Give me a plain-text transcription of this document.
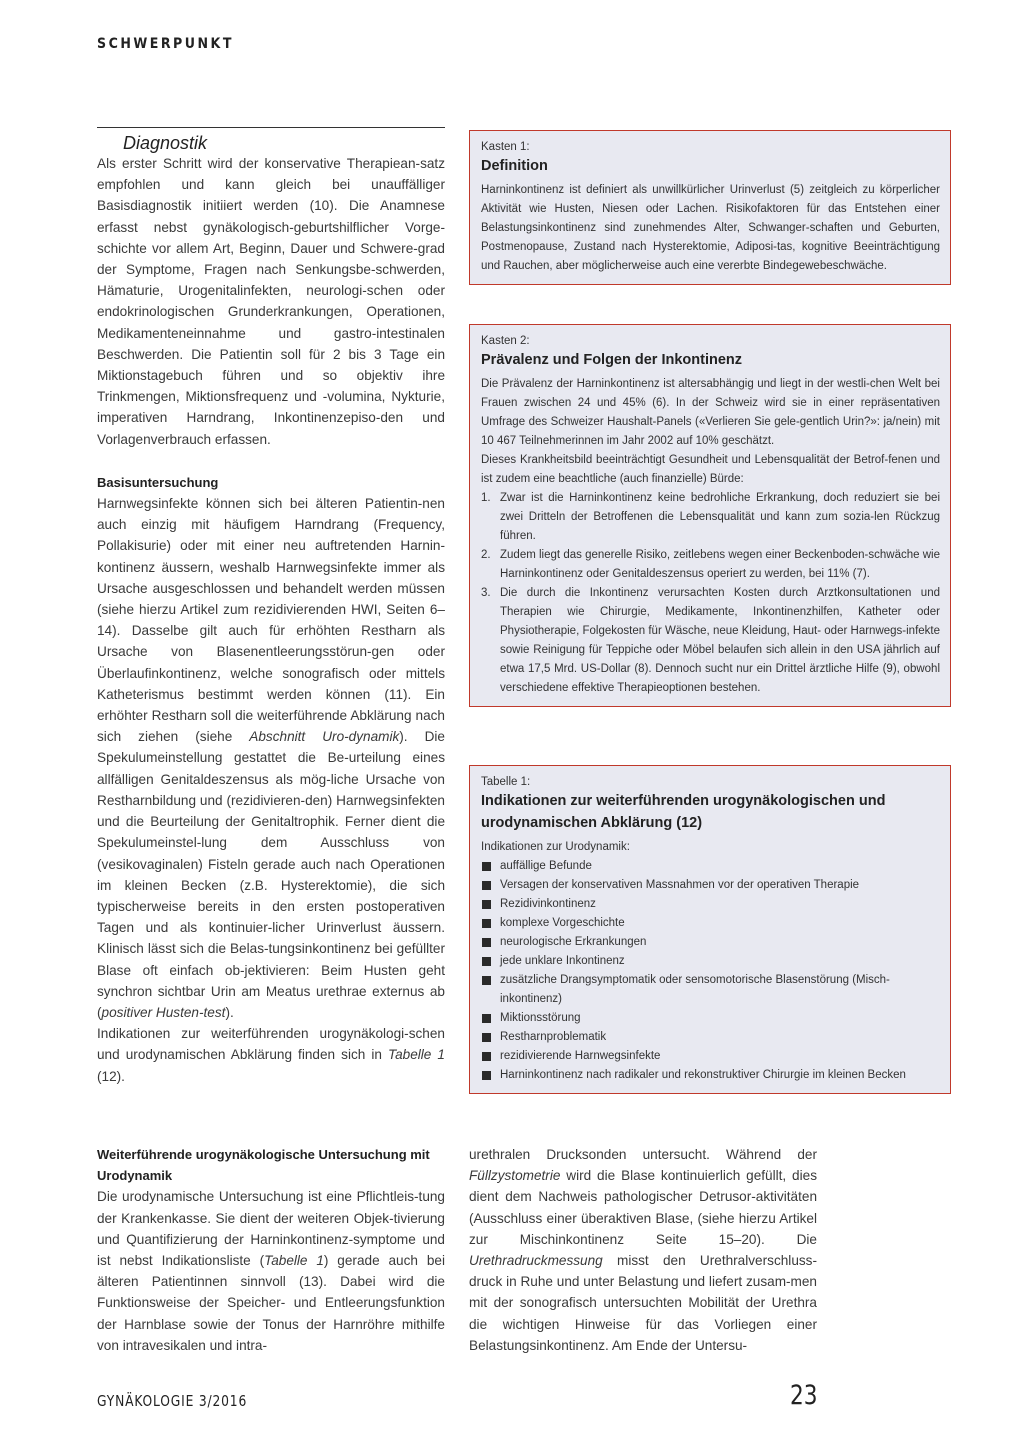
SCHWERPUNKT
Diagnostik

Als erster Schritt wird der konservative Therapiean-satz empfohlen und kann gleich bei unauffälliger Basisdiagnostik initiiert werden (10). Die Anamnese erfasst nebst gynäkologisch-geburtshilflicher Vorge-schichte vor allem Art, Beginn, Dauer und Schwere-grad der Symptome, Fragen nach Senkungsbe-schwerden, Hämaturie, Urogenitalinfekten, neurologi-schen oder endokrinologischen Grunderkrankungen, Operationen, Medikamenteneinnahme und gastro-intestinalen Beschwerden. Die Patientin soll für 2 bis 3 Tage ein Miktionstagebuch führen und so objektiv ihre Trinkmengen, Miktionsfrequenz und -volumina, Nykturie, imperativen Harndrang, Inkontinenzepiso-den und Vorlagenverbrauch erfassen.

Basisuntersuchung

Harnwegsinfekte können sich bei älteren Patientin-nen auch einzig mit häufigem Harndrang (Frequency, Pollakisurie) oder mit einer neu auftretenden Harnin-kontinenz äussern, weshalb Harnwegsinfekte immer als Ursache ausgeschlossen und behandelt werden müssen (siehe hierzu Artikel zum rezidivierenden HWI, Seiten 6–14). Dasselbe gilt auch für erhöhten Restharn als Ursache von Blasenentleerungsstörun-gen oder Überlaufinkontinenz, welche sonografisch oder mittels Katheterismus bestimmt werden können (11). Ein erhöhter Restharn soll die weiterführende Abklärung nach sich ziehen (siehe Abschnitt Uro-dynamik). Die Spekulumeinstellung gestattet die Be-urteilung eines allfälligen Genitaldeszensus als mög-liche Ursache von Restharnbildung und (rezidivieren-den) Harnwegsinfekten und die Beurteilung der Genitaltrophik. Ferner dient die Spekulumeinstel-lung dem Ausschluss von (vesikovaginalen) Fisteln gerade auch nach Operationen im kleinen Becken (z.B. Hysterektomie), die sich typischerweise bereits in den ersten postoperativen Tagen und als kontinuier-licher Urinverlust äussern. Klinisch lässt sich die Belas-tungsinkontinenz bei gefüllter Blase oft einfach ob-jektivieren: Beim Husten geht synchron sichtbar Urin am Meatus urethrae externus ab (positiver Husten-test).

Indikationen zur weiterführenden urogynäkologi-schen und urodynamischen Abklärung finden sich in Tabelle 1 (12).

Kasten 1:
Definition

Harninkontinenz ist definiert als unwillkürlicher Urinverlust (5) zeitgleich zu körperlicher Aktivität wie Husten, Niesen oder Lachen. Risikofaktoren für das Entstehen einer Belastungsinkontinenz sind zunehmendes Alter, Schwanger-schaften und Geburten, Postmenopause, Zustand nach Hysterektomie, Adiposi-tas, kognitive Beeinträchtigung und Rauchen, aber möglicherweise auch eine vererbte Bindegewebeschwäche.

Kasten 2:
Prävalenz und Folgen der Inkontinenz

Die Prävalenz der Harninkontinenz ist altersabhängig und liegt in der westli-chen Welt bei Frauen zwischen 24 und 45% (6). In der Schweiz wird sie in einer repräsentativen Umfrage des Schweizer Haushalt-Panels («Verlieren Sie gele-gentlich Urin?»: ja/nein) mit 10 467 Teilnehmerinnen im Jahr 2002 auf 10% geschätzt.

Dieses Krankheitsbild beeinträchtigt Gesundheit und Lebensqualität der Betrof-fenen und ist zudem eine beachtliche (auch finanzielle) Bürde:

1. Zwar ist die Harninkontinenz keine bedrohliche Erkrankung, doch reduziert sie bei zwei Dritteln der Betroffenen die Lebensqualität und kann zum sozia-len Rückzug führen.
2. Zudem liegt das generelle Risiko, zeitlebens wegen einer Beckenboden-schwäche wie Harninkontinenz oder Genitaldeszensus operiert zu werden, bei 11% (7).
3. Die durch die Inkontinenz verursachten Kosten durch Arztkonsultationen und Therapien wie Chirurgie, Medikamente, Inkontinenzhilfen, Katheter oder Physiotherapie, Folgekosten für Wäsche, neue Kleidung, Haut- oder Harnwegs-infekte sowie Reinigung für Teppiche oder Möbel belaufen sich allein in den USA jährlich auf etwa 17,5 Mrd. US-Dollar (8). Dennoch sucht nur ein Drittel ärztliche Hilfe (9), obwohl verschiedene effektive Therapieoptionen bestehen.
Tabelle 1:
Indikationen zur weiterführenden urogynäkologischen und urodynamischen Abklärung (12)

Indikationen zur Urodynamik:

auffällige Befunde
Versagen der konservativen Massnahmen vor der operativen Therapie
Rezidivinkontinenz
komplexe Vorgeschichte
neurologische Erkrankungen
jede unklare Inkontinenz
zusätzliche Drangsymptomatik oder sensomotorische Blasenstörung (Misch-inkontinenz)
Miktionsstörung
Restharnproblematik
rezidivierende Harnwegsinfekte
Harninkontinenz nach radikaler und rekonstruktiver Chirurgie im kleinen Becken
Weiterführende urogynäkologische Untersuchung mit Urodynamik

Die urodynamische Untersuchung ist eine Pflichtleis-tung der Krankenkasse. Sie dient der weiteren Objek-tivierung und Quantifizierung der Harninkontinenz-symptome und ist nebst Indikationsliste (Tabelle 1) gerade auch bei älteren Patientinnen sinnvoll (13). Dabei wird die Funktionsweise der Speicher- und Entleerungsfunktion der Harnblase sowie der Tonus der Harnröhre mithilfe von intravesikalen und intra-

urethralen Drucksonden untersucht. Während der Füllzystometrie wird die Blase kontinuierlich gefüllt, dies dient dem Nachweis pathologischer Detrusor-aktivitäten (Ausschluss einer überaktiven Blase, (siehe hierzu Artikel zur Mischinkontinenz Seite 15–20). Die Urethradruckmessung misst den Urethralverschluss-druck in Ruhe und unter Belastung und liefert zusam-men mit der sonografisch untersuchten Mobilität der Urethra die wichtigen Hinweise für das Vorliegen einer Belastungsinkontinenz. Am Ende der Untersu-

GYNÄKOLOGIE 3/2016	23
